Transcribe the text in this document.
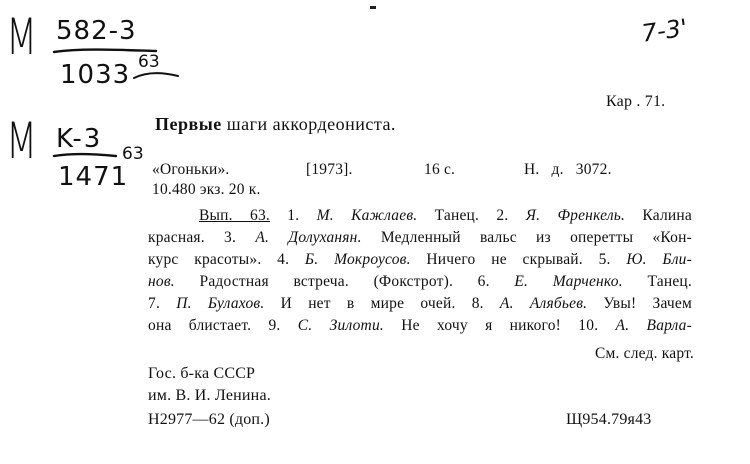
M 582-3
1033 63
M K-3
1471
63
7-3'
Кар . 71.
Первые шаги аккордеониста.
«Огоньки».	[1973].	16 с.	Н. д. 3072.
10.480 экз. 20 к.
Вып. 63. 1. М. Кажлаев. Танец. 2. Я. Френкель. Калина
красная. 3. А. Долуханян. Медленный вальс из оперетты «Кон-
курс красоты». 4. Б. Мокроусов. Ничего не скрывай. 5. Ю. Бли-
нов. Радостная встреча. (Фокстрот). 6. Е. Марченко. Танец.
7. П. Булахов. И нет в мире очей. 8. А. Алябьев. Увы! Зачем
она блистает. 9. С. Зилоти. Не хочу я никого! 10. А. Варла-
См. след. карт.
Гос. б-ка СССР
им. В. И. Ленина.
Н2977—62 (доп.)	Щ954.79я43
